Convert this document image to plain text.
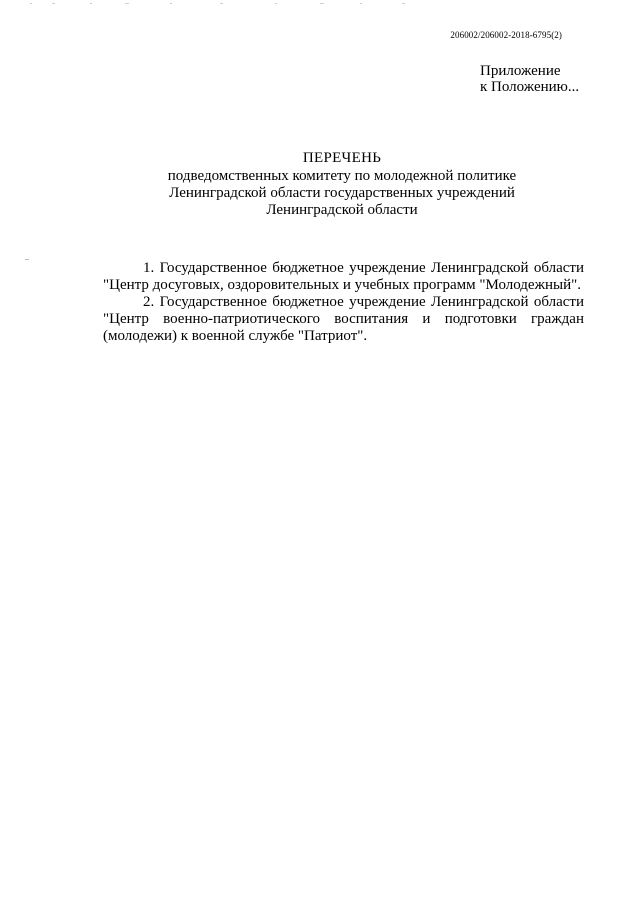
206002/206002-2018-6795(2)
Приложение
к Положению...
ПЕРЕЧЕНЬ
подведомственных комитету по молодежной политике
Ленинградской области государственных учреждений
Ленинградской области

1. Государственное бюджетное учреждение Ленинградской области "Центр досуговых, оздоровительных и учебных программ "Молодежный".

2. Государственное бюджетное учреждение Ленинградской области "Центр военно-патриотического воспитания и подготовки граждан (молодежи) к военной службе "Патриот".
